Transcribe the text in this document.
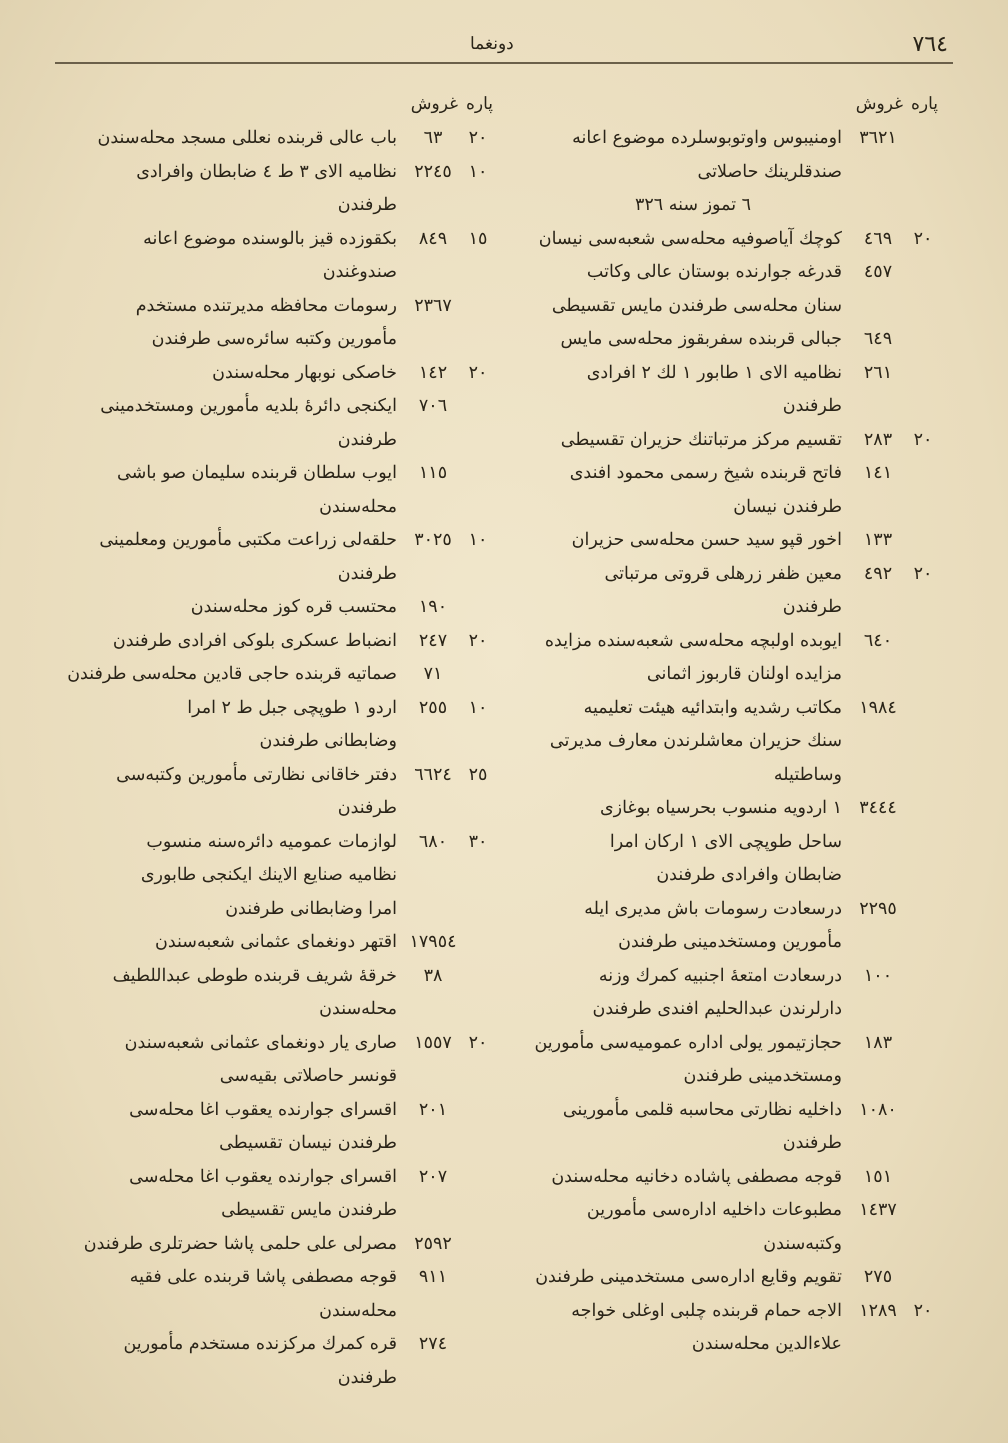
٧٦٤
دونغما
پارهغروش
٣٦٢١
اومنيبوس واوتوبوسلرده موضوع اعانه
صندقلرينك حاصلاتى
٦ تموز سنه ٣٢٦
٢٠
٤٦٩
كوچك آياصوفيه محله‌سى شعبه‌سى نيسان
٤٥٧
قدرغه جوارنده بوستان عالى وكاتب
سنان محله‌سى طرفندن مايس تقسيطى
٦٤٩
جبالى قربنده سفربقوز محله‌سى مايس
٢٦١
نظاميه الاى ١ طابور ١ لك ٢ افرادى
طرفندن
٢٠
٢٨٣
تقسيم مركز مرتباتنك حزيران تقسيطى
١٤١
فاتح قربنده شيخ رسمى محمود افندى
طرفندن نيسان
١٣٣
اخور قپو سيد حسن محله‌سى حزيران
٢٠
٤٩٢
معين ظفر زرهلى قروتى مرتباتى
طرفندن
٦٤٠
ايوبده اولبچه محله‌سى شعبه‌سنده مزايده
مزايده اولنان قاربوز اثمانى
١٩٨٤
مكاتب رشديه وابتدائيه هيئت تعليميه
سنك حزيران معاشلرندن معارف مديرتى
وساطتيله
٣٤٤٤
١ اردويه منسوب بحرسياه بوغازى
ساحل طوپچى الاى ١ اركان امرا
ضابطان وافرادى طرفندن
٢٢٩٥
درسعادت رسومات باش مديرى ايله
مأمورين ومستخدمينى طرفندن
١٠٠
درسعادت امتعهٔ اجنبيه كمرك وزنه
دارلرندن عبدالحليم افندى طرفندن
١٨٣
حجازتيمور يولى اداره عموميه‌سى مأمورين
ومستخدمينى طرفندن
١٠٨٠
داخليه نظارتى محاسبه قلمى مأمورينى
طرفندن
١٥١
قوجه مصطفى پاشاده دخانيه محله‌سندن
١٤٣٧
مطبوعات داخليه اداره‌سى مأمورين
وكتبه‌سندن
٢٧٥
تقويم وقايع اداره‌سى مستخدمينى طرفندن
٢٠
١٢٨٩
الاجه حمام قربنده چلبى اوغلى خواجه
علاءالدين محله‌سندن
پارهغروش
٢٠
٦٣
باب عالى قربنده نعللى مسجد محله‌سندن
١٠
٢٢٤٥
نظاميه الاى ٣ ط ٤ ضابطان وافرادى
طرفندن
١٥
٨٤٩
بكقوزده قيز بالوسنده موضوع اعانه
صندوغندن
٢٣٦٧
رسومات محافظه مديرتنده مستخدم
مأمورين وكتبه سائره‌سى طرفندن
٢٠
١٤٢
خاصكى نوبهار محله‌سندن
٧٠٦
ايكنجى دائرهٔ بلديه مأمورين ومستخدمينى
طرفندن
١١٥
ايوب سلطان قربنده سليمان صو باشى
محله‌سندن
١٠
٣٠٢٥
حلقه‌لى زراعت مكتبى مأمورين ومعلمينى
طرفندن
١٩٠
محتسب قره كوز محله‌سندن
٢٠
٢٤٧
انضباط عسكرى بلوكى افرادى طرفندن
٧١
صماتيه قربنده حاجى قادين محله‌سى طرفندن
١٠
٢٥٥
اردو ١ طوپچى جبل ط ٢ امرا
وضابطانى طرفندن
٢٥
٦٦٢٤
دفتر خاقانى نظارتى مأمورين وكتبه‌سى
طرفندن
٣٠
٦٨٠
لوازمات عموميه دائره‌سنه منسوب
نظاميه صنايع الاينك ايكنجى طابورى
امرا وضابطانى طرفندن
١٧٩٥٤
اقتهر دونغماى عثمانى شعبه‌سندن
٣٨
خرقهٔ شريف قربنده طوطى عبداللطيف
محله‌سندن
٢٠
١٥٥٧
صارى يار دونغماى عثمانى شعبه‌سندن
قونسر حاصلاتى بقيه‌سى
٢٠١
اقسراى جوارنده يعقوب اغا محله‌سى
طرفندن نيسان تقسيطى
٢٠٧
اقسراى جوارنده يعقوب اغا محله‌سى
طرفندن مايس تقسيطى
٢٥٩٢
مصرلى على حلمى پاشا حضرتلرى طرفندن
٩١١
قوجه مصطفى پاشا قربنده على فقيه
محله‌سندن
٢٧٤
قره كمرك مركزنده مستخدم مأمورين
طرفندن
